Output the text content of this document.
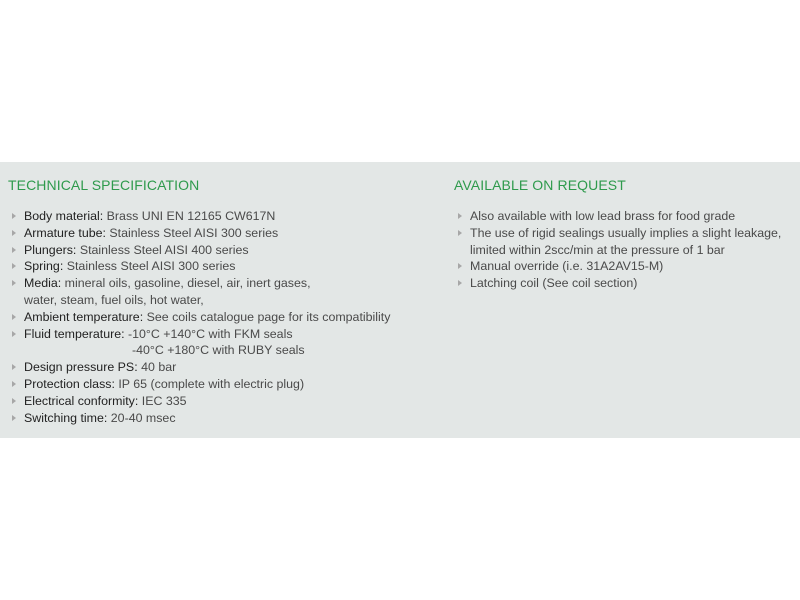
TECHNICAL SPECIFICATION
Body material: Brass UNI EN 12165 CW617N
Armature tube: Stainless Steel AISI 300 series
Plungers: Stainless Steel AISI 400 series
Spring: Stainless Steel AISI 300 series
Media: mineral oils, gasoline, diesel, air, inert gases,
water, steam, fuel oils, hot water,
Ambient temperature: See coils catalogue page for its compatibility
Fluid temperature: -10°C +140°C with FKM seals
-40°C +180°C with RUBY seals
Design pressure PS: 40 bar
Protection class: IP 65 (complete with electric plug)
Electrical conformity: IEC 335
Switching time: 20-40 msec
AVAILABLE ON REQUEST
Also available with low lead brass for food grade
The use of rigid sealings usually implies a slight leakage,
limited within 2scc/min at the pressure of 1 bar
Manual override (i.e. 31A2AV15-M)
Latching coil (See coil section)
